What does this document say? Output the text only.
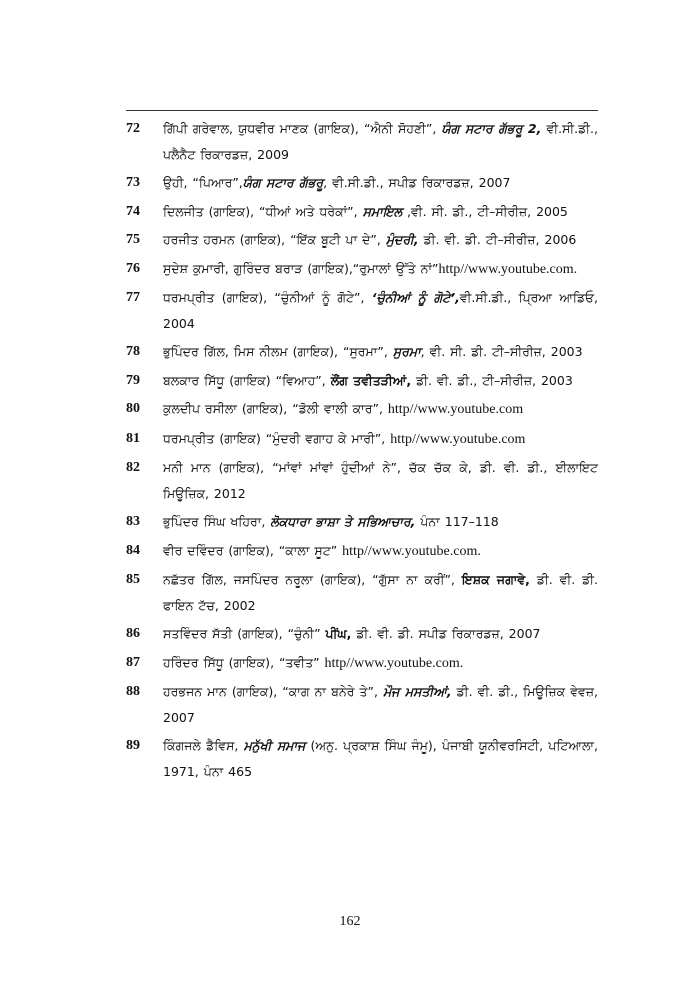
72	ਗਿੱਪੀ ਗਰੇਵਾਲ, ਯੁਧਵੀਰ ਮਾਣਕ (ਗਾਇਕ), “ਐਨੀ ਸੋਹਣੀ”, ਯੰਗ ਸਟਾਰ ਗੱਭਰੂ 2, ਵੀ.ਸੀ.ਡੀ., ਪਲੈਨੈਟ ਰਿਕਾਰਡਜ਼, 2009
73	ਉਹੀ, “ਪਿਆਰ”,ਯੰਗ ਸਟਾਰ ਗੱਭਰੂ, ਵੀ.ਸੀ.ਡੀ., ਸਪੀਡ ਰਿਕਾਰਡਜ਼, 2007
74	ਦਿਲਜੀਤ (ਗਾਇਕ), “ਧੀਆਂ ਅਤੇ ਧਰੇਕਾਂ”, ਸਮਾਇਲ ,ਵੀ. ਸੀ. ਡੀ., ਟੀ–ਸੀਰੀਜ਼, 2005
75	ਹਰਜੀਤ ਹਰਮਨ (ਗਾਇਕ), “ਇੱਕ ਬੂਟੀ ਪਾ ਦੇ”, ਮੁੰਦਰੀ, ਡੀ. ਵੀ. ਡੀ. ਟੀ–ਸੀਰੀਜ਼, 2006
76	ਸੁਦੇਸ਼ ਕੁਮਾਰੀ, ਗੁਰਿੰਦਰ ਬਰਾੜ (ਗਾਇਕ),“ਰੁਮਾਲਾਂ ਉੱਤੇ ਨਾਂ”http//www.youtube.com.
77	ਧਰਮਪ੍ਰੀਤ (ਗਾਇਕ), “ਚੁੰਨੀਆਂ ਨੂੰ ਗੋਟੇ”, ‘ਚੁੰਨੀਆਂ ਨੂੰ ਗੋਟੇ’,ਵੀ.ਸੀ.ਡੀ., ਪ੍ਰਿਆ ਆਡਿਓ, 2004
78	ਭੁਪਿੰਦਰ ਗਿੱਲ, ਮਿਸ ਨੀਲਮ (ਗਾਇਕ), “ਸੁਰਮਾ”, ਸੁਰਮਾ, ਵੀ. ਸੀ. ਡੀ. ਟੀ–ਸੀਰੀਜ਼, 2003
79	ਬਲਕਾਰ ਸਿੱਧੂ (ਗਾਇਕ) “ਵਿਆਹ”, ਲੌਂਗ ਤਵੀਤੜੀਆਂ, ਡੀ. ਵੀ. ਡੀ., ਟੀ–ਸੀਰੀਜ਼, 2003
80	ਕੁਲਦੀਪ ਰਸੀਲਾ (ਗਾਇਕ), “ਡੋਲੀ ਵਾਲੀ ਕਾਰ”, http//www.youtube.com
81	ਧਰਮਪ੍ਰੀਤ (ਗਾਇਕ) “ਮੁੰਦਰੀ ਵਗਾਹ ਕੇ ਮਾਰੀ”, http//www.youtube.com
82	ਮਨੀ ਮਾਨ (ਗਾਇਕ), “ਮਾਂਵਾਂ ਮਾਂਵਾਂ ਹੁੰਦੀਆਂ ਨੇ”, ਚੱਕ ਚੱਕ ਕੇ, ਡੀ. ਵੀ. ਡੀ., ਈਲਾਇਟ ਮਿਊਜ਼ਿਕ, 2012
83	ਭੁਪਿੰਦਰ ਸਿੰਘ ਖਹਿਰਾ, ਲੋਕਧਾਰਾ ਭਾਸ਼ਾ ਤੇ ਸਭਿਆਚਾਰ, ਪੰਨਾ 117–118
84	ਵੀਰ ਦਵਿੰਦਰ (ਗਾਇਕ), “ਕਾਲਾ ਸੂਟ” http//www.youtube.com.
85	ਨਛੱਤਰ ਗਿੱਲ, ਜਸਪਿੰਦਰ ਨਰੂਲਾ (ਗਾਇਕ), “ਗੁੱਸਾ ਨਾ ਕਰੀਂ”, ਇਸ਼ਕ ਜਗਾਵੇ, ਡੀ. ਵੀ. ਡੀ. ਫਾਇਨ ਟੱਚ, 2002
86	ਸਤਵਿੰਦਰ ਸੱਤੀ (ਗਾਇਕ), “ਚੁੰਨੀ” ਪੀਂਘ, ਡੀ. ਵੀ. ਡੀ. ਸਪੀਡ ਰਿਕਾਰਡਜ਼, 2007
87	ਹਰਿੰਦਰ ਸਿੱਧੂ (ਗਾਇਕ), “ਤਵੀਤ” http//www.youtube.com.
88	ਹਰਭਜਨ ਮਾਨ (ਗਾਇਕ), “ਕਾਗ ਨਾ ਬਨੇਰੇ ਤੇ”, ਮੌਜ ਮਸਤੀਆਂ, ਡੀ. ਵੀ. ਡੀ., ਮਿਊਜ਼ਿਕ ਵੇਵਜ਼, 2007
89	ਕਿੰਗਜਲੇ ਡੈਵਿਸ, ਮਨੁੱਖੀ ਸਮਾਜ (ਅਨੁ. ਪ੍ਰਕਾਸ਼ ਸਿੰਘ ਜੰਮੂ), ਪੰਜਾਬੀ ਯੂਨੀਵਰਸਿਟੀ, ਪਟਿਆਲਾ, 1971, ਪੰਨਾ 465
162
